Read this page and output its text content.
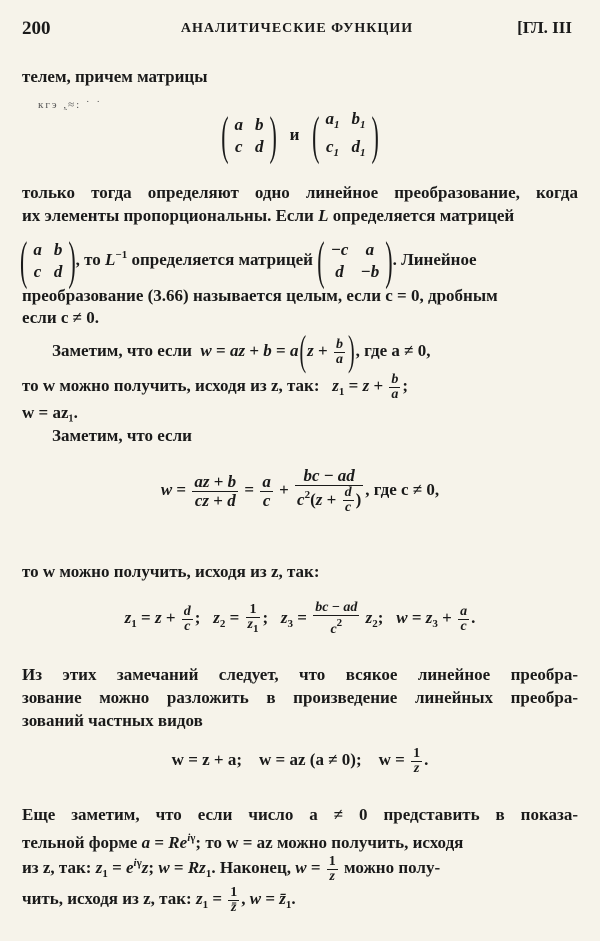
200	АНАЛИТИЧЕСКИЕ ФУНКЦИИ	[ГЛ. III
телем, причем матрицы
кгэ ,̣≈: ˙ ˙	( a	b
c	d ) и ( $a_1$	$b_1$
$c_1$	$d_1$ )
только тогда определяют одно линейное преобразование, когда
их элементы пропорциональны. Если L определяется матрицей
( a	b
c	d ), то $L^{-1}$ определяется матрицей ( −c	a
d	−b ). Линейное
преобразование (3.66) называется целым, если c = 0, дробным
если c ≠ 0.
Заметим, что если w = az + $b = a(z + \frac{b}{a}$ ), где a ≠ 0,
то w можно получить, исходя из z, так: $z_1 = z + \frac{b}{a}$ ;
w = az₁.
Заметим, что если
$w = \frac{az + b}{cz + d} = \frac{a}{c} + \frac{bc - ad}{c^2(z + \frac{d}{c} )}$ , где c ≠ 0,
то w можно получить, исходя из z, так:
$z_1 = z + \frac{d}{c}$ ;   $z_2 = \frac{1}{z_1}$ ;   $z_3 = \frac{bc - ad}{c^2} z_2$;   $w = z_3 + \frac{a}{c}$ .
Из этих замечаний следует, что всякое линейное преобра-
зование можно разложить в произведение линейных преобра-
зований частных видов
w = z + a; w = az (a ≠ 0); $w = \frac{1}{z}$ .
Еще заметим, что если число a ≠ 0 представить в показа-
тельной форме $a = Re^{i\gamma}$; то w = az можно получить, исходя
из z, так: $z_1 = e^{i\gamma}z$; $w = Rz_1$. Наконец, $w = \frac{1}{z}$ можно полу-
чить, исходя из z, так: $z_1 = \frac{1}{z̄}$ , $w = z̄_1$.
